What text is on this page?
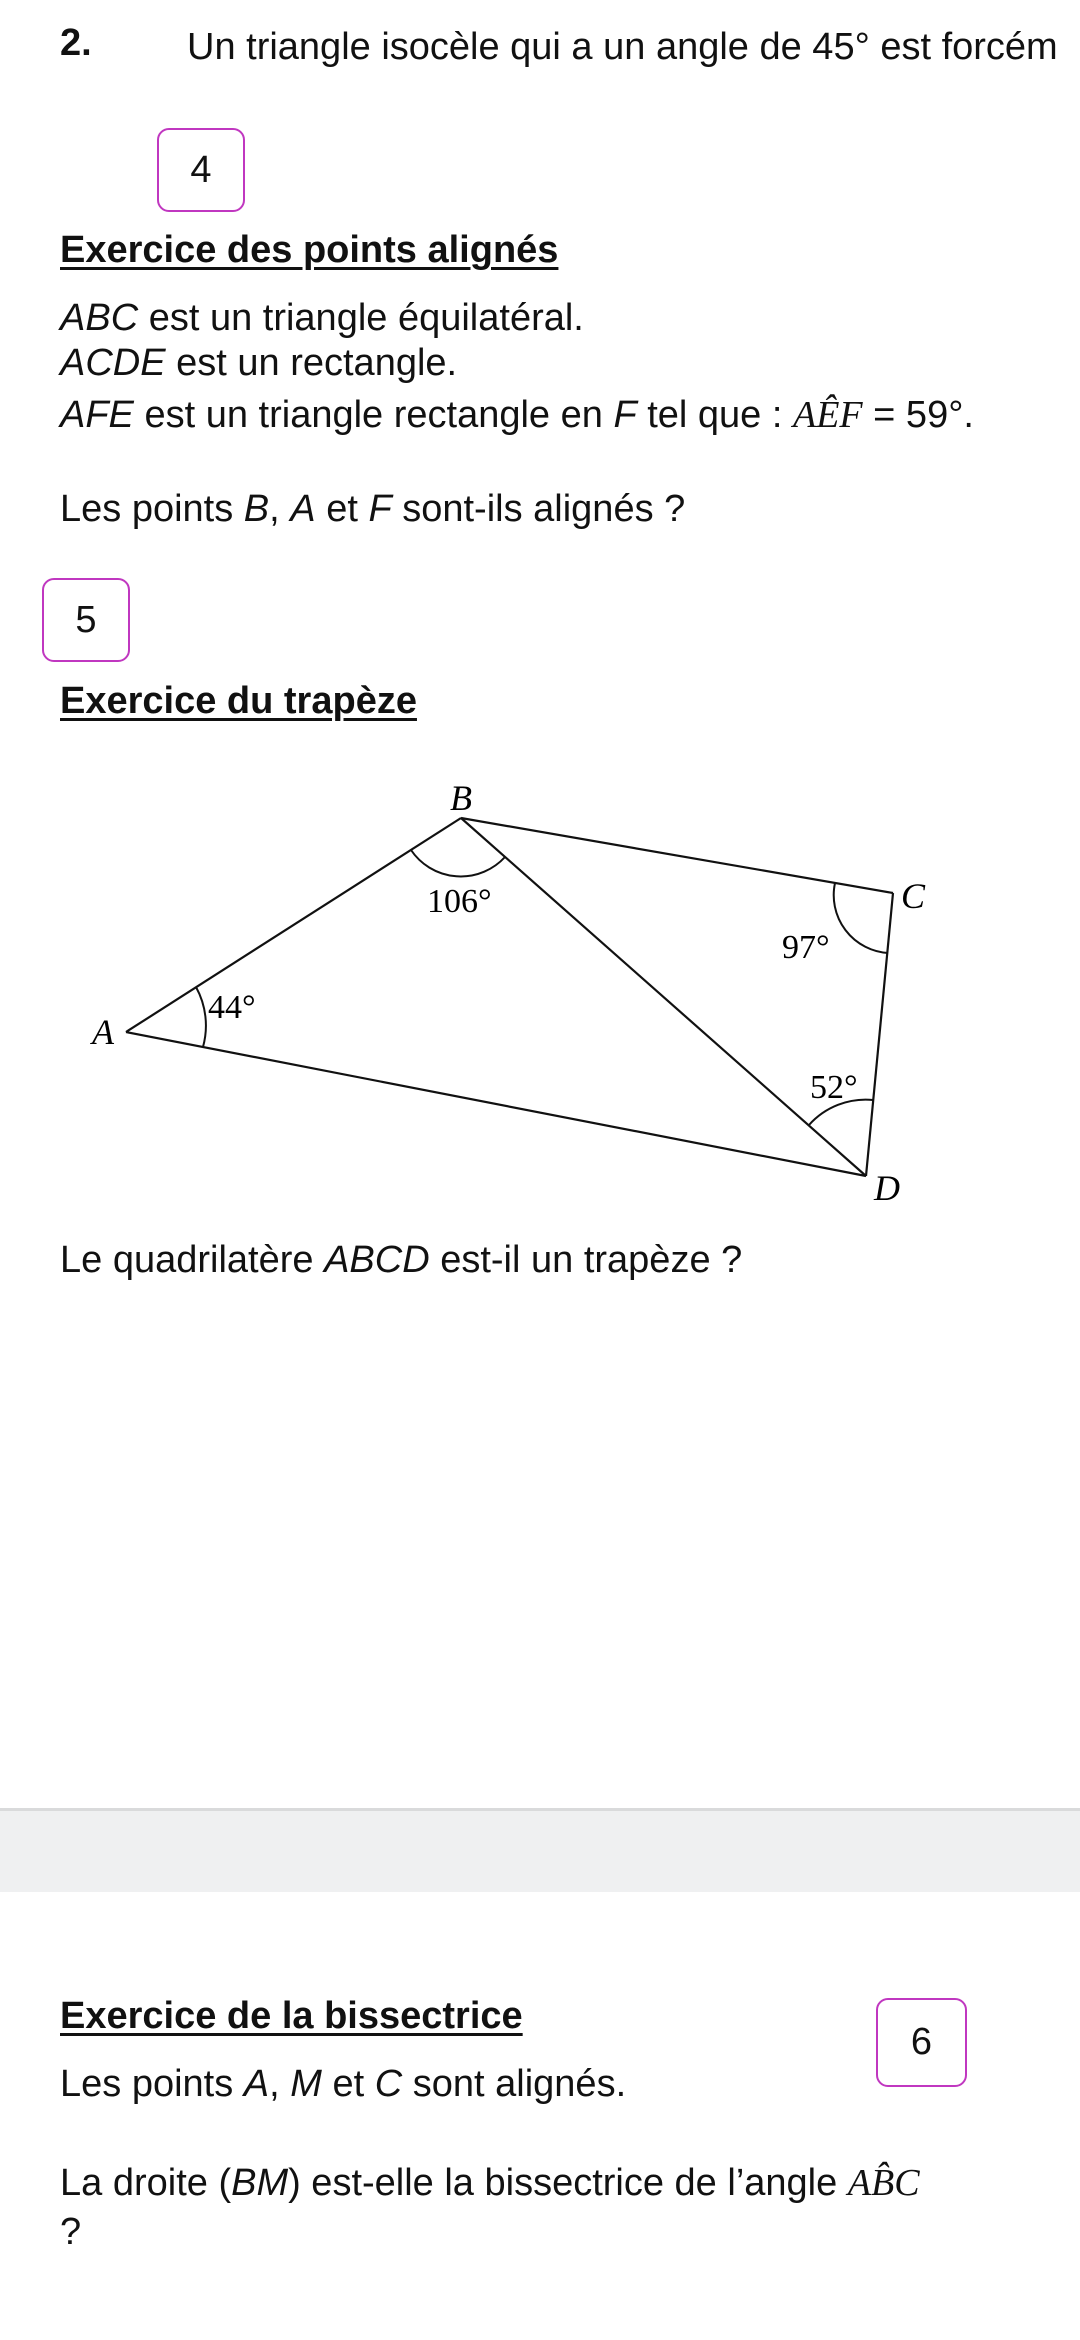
2.	Un triangle isocèle qui a un angle de 45° est forcém
4
Exercice des points alignés
ABC est un triangle équilatéral.
ACDE est un rectangle.
AFE est un triangle rectangle en F tel que : AÊF = 59°.
Les points B, A et F sont-ils alignés ?
5
Exercice du trapèze
B
C
A
D
44°
106°
97°
52°
Le quadrilatère ABCD est-il un trapèze ?
Exercice de la bissectrice
6
Les points A, M et C sont alignés.
La droite (BM) est-elle la bissectrice de l’angle AB̂C
?
